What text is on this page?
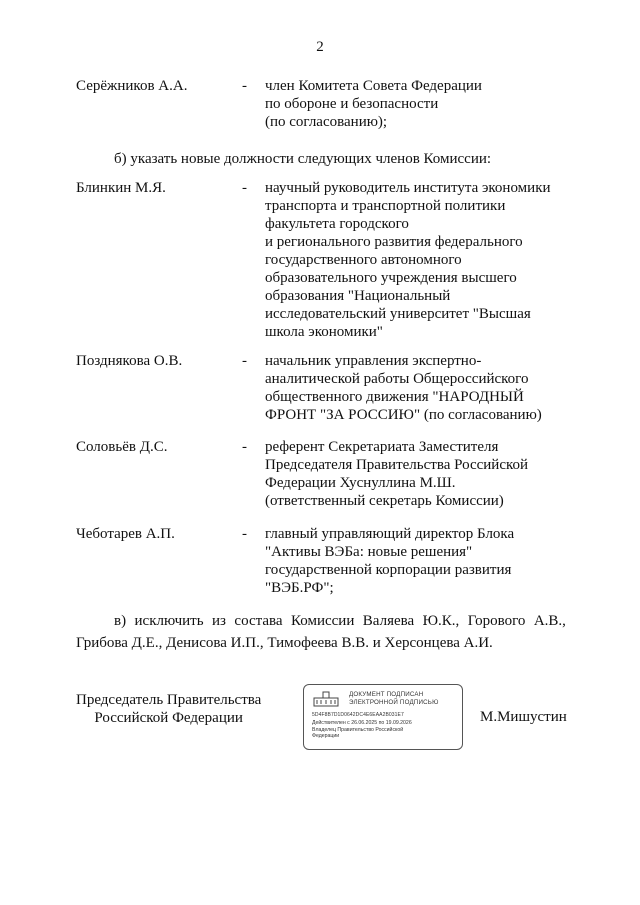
2
Серёжников А.А.	- член Комитета Совета Федерации
по обороне и безопасности
(по согласованию);
б) указать новые должности следующих членов Комиссии:
Блинкин М.Я.	- научный руководитель института экономики
транспорта и транспортной политики
факультета городского
и регионального развития федерального
государственного автономного
образовательного учреждения высшего
образования "Национальный
исследовательский университет "Высшая
школа экономики"
Позднякова О.В.	- начальник управления экспертно-
аналитической работы Общероссийского
общественного движения "НАРОДНЫЙ
ФРОНТ "ЗА РОССИЮ" (по согласованию)
Соловьёв Д.С.	- референт Секретариата Заместителя
Председателя Правительства Российской
Федерации Хуснуллина М.Ш.
(ответственный секретарь Комиссии)
Чеботарев А.П.	- главный управляющий директор Блока
"Активы ВЭБа: новые решения"
государственной корпорации развития
"ВЭБ.РФ";
в) исключить из состава Комиссии Валяева Ю.К., Горового А.В.,
Грибова Д.Е., Денисова И.П., Тимофеева В.В. и Херсонцева А.И.
Председатель Правительства
Российской Федерации
ДОКУМЕНТ ПОДПИСАН
ЭЛЕКТРОННОЙ ПОДПИСЬЮ
5D4F8B7D1D0642DC4E6EAA2B031E7
Действителен с 26.06.2025 по 19.09.2026
Владелец Правительство Российской
Федерации
М.Мишустин
